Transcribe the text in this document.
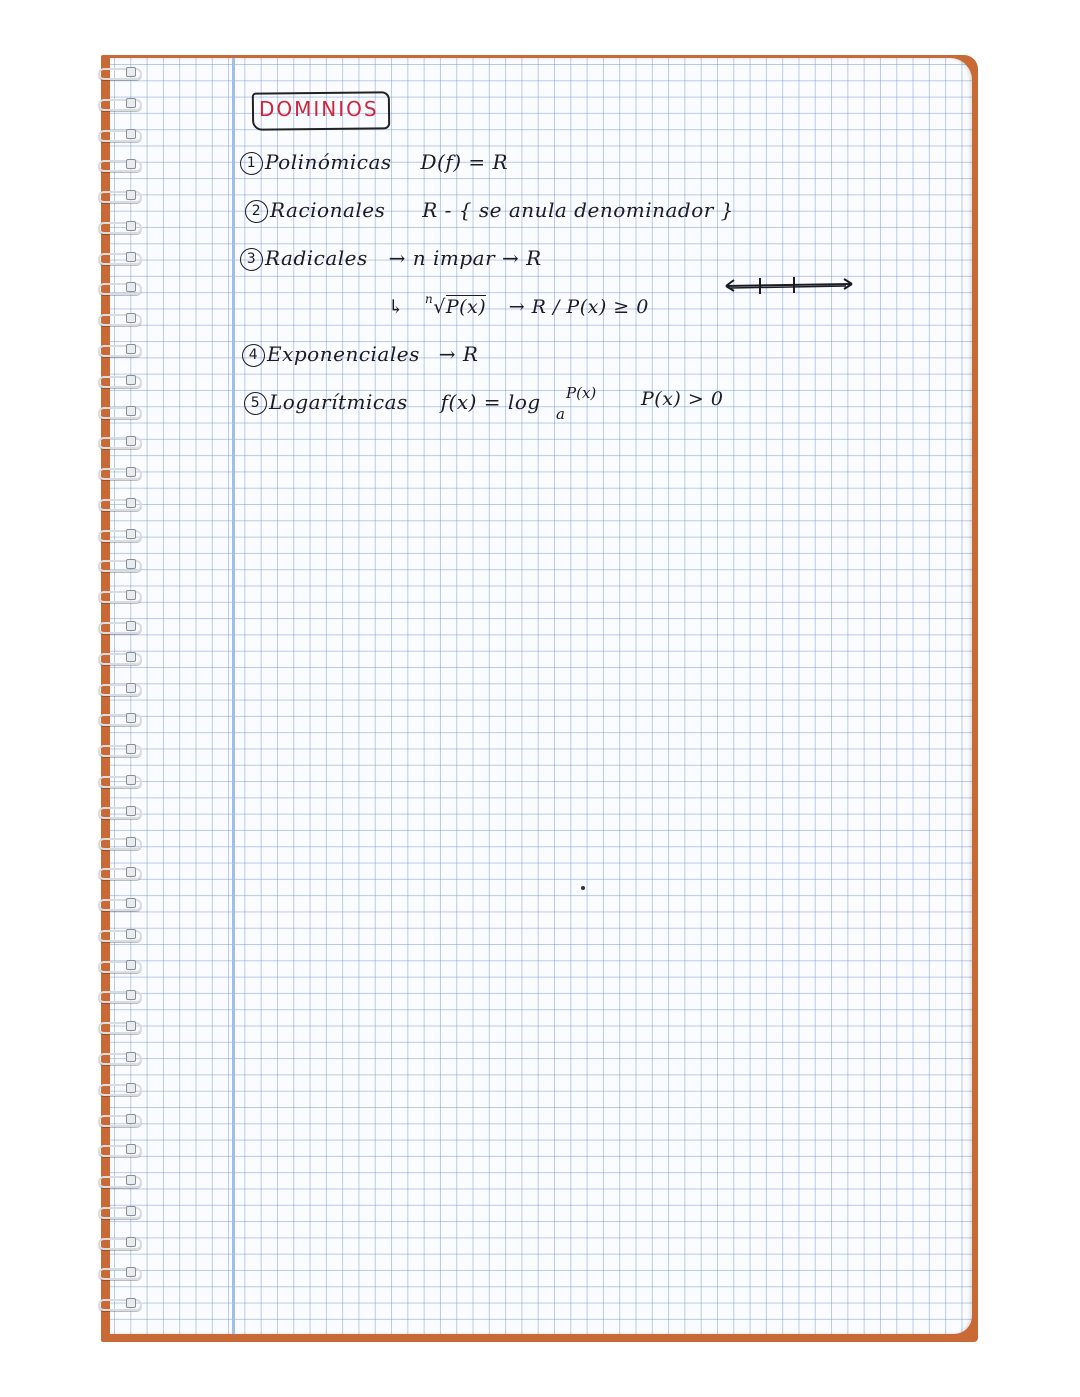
DOMINIOS
1 Polinómicas D(f) = R
2 Racionales R - { se anula denominador }
3 Radicales → n impar → R
↳ $^n$√P(x) → R / P(x) ≥ 0
4 Exponenciales → R
5 Logarítmicas f(x) = log a
P(x) P(x) > 0
